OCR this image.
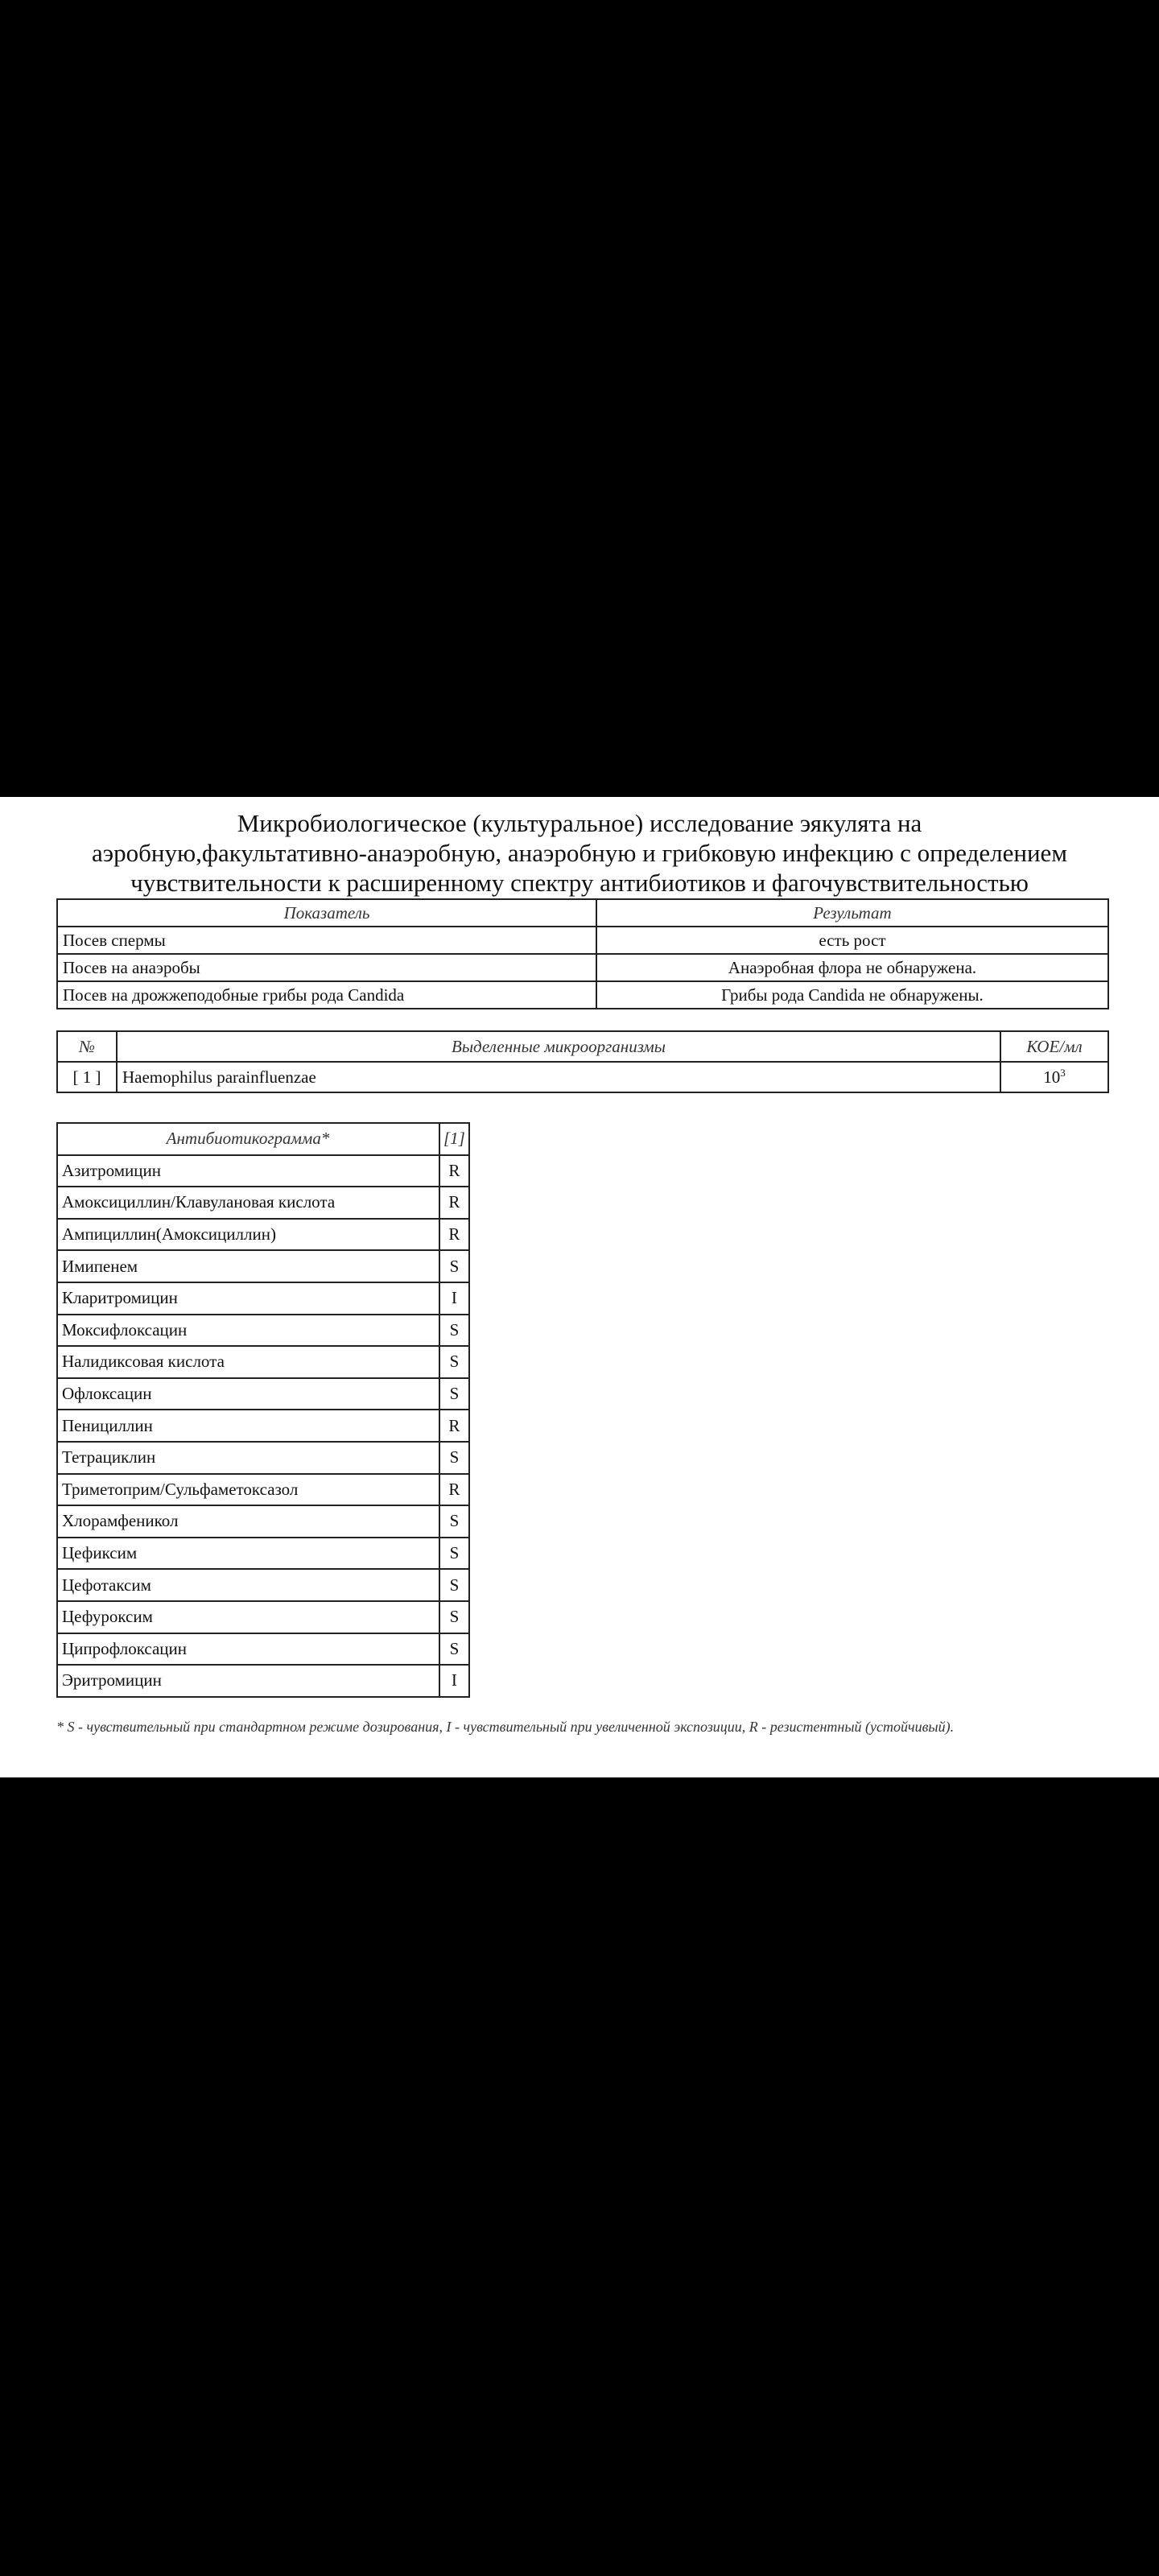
Микробиологическое (культуральное) исследование эякулята на
аэробную,факультативно-анаэробную, анаэробную и грибковую инфекцию с определением
чувствительности к расширенному спектру антибиотиков и фагочувствительностью
Показатель	Результат
Посев спермы	есть рост
Посев на анаэробы	Анаэробная флора не обнаружена.
Посев на дрожжеподобные грибы рода Candida	Грибы рода Candida не обнаружены.
№	Выделенные микроорганизмы	КОЕ/мл
[ 1 ]	Haemophilus parainfluenzae	$10^3$
Антибиотикограмма*	[1]
Азитромицин	R
Амоксициллин/Клавулановая кислота	R
Ампициллин(Амоксициллин)	R
Имипенем	S
Кларитромицин	I
Моксифлоксацин	S
Налидиксовая кислота	S
Офлоксацин	S
Пенициллин	R
Тетрациклин	S
Триметоприм/Сульфаметоксазол	R
Хлорамфеникол	S
Цефиксим	S
Цефотаксим	S
Цефуроксим	S
Ципрофлоксацин	S
Эритромицин	I
* S - чувствительный при стандартном режиме дозирования, I - чувствительный при увеличенной экспозиции, R - резистентный (устойчивый).
